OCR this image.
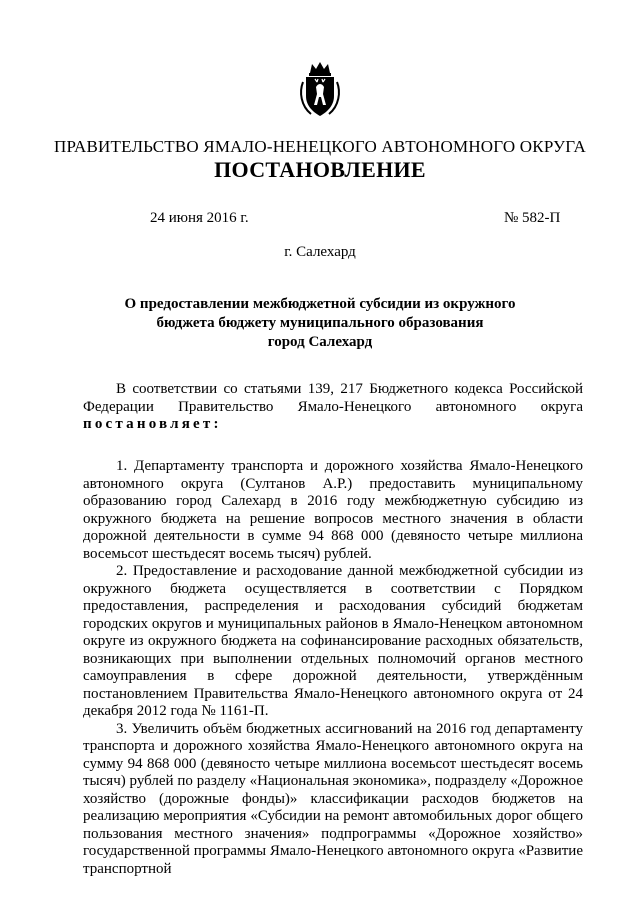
ПРАВИТЕЛЬСТВО ЯМАЛО-НЕНЕЦКОГО АВТОНОМНОГО ОКРУГА
ПОСТАНОВЛЕНИЕ
24 июня 2016 г.	№ 582-П
г. Салехард
О предоставлении межбюджетной субсидии из окружного
бюджета бюджету муниципального образования
город Салехард

В соответствии со статьями 139, 217 Бюджетного кодекса Российской Федерации Правительство Ямало-Ненецкого автономного округа

постановляет:

1. Департаменту транспорта и дорожного хозяйства Ямало-Ненецкого автономного округа (Султанов А.Р.) предоставить муниципальному образованию город Салехард в 2016 году межбюджетную субсидию из окружного бюджета на решение вопросов местного значения в области дорожной деятельности в сумме 94 868 000 (девяносто четыре миллиона восемьсот шестьдесят восемь тысяч) рублей.

2. Предоставление и расходование данной межбюджетной субсидии из окружного бюджета осуществляется в соответствии с Порядком предоставления, распределения и расходования субсидий бюджетам городских округов и муниципальных районов в Ямало-Ненецком автономном округе из окружного бюджета на софинансирование расходных обязательств, возникающих при выполнении отдельных полномочий органов местного самоуправления в сфере дорожной деятельности, утверждённым постановлением Правительства Ямало-Ненецкого автономного округа от 24 декабря 2012 года № 1161-П.

3. Увеличить объём бюджетных ассигнований на 2016 год департаменту транспорта и дорожного хозяйства Ямало-Ненецкого автономного округа на сумму 94 868 000 (девяносто четыре миллиона восемьсот шестьдесят восемь тысяч) рублей по разделу «Национальная экономика», подразделу «Дорожное хозяйство (дорожные фонды)» классификации расходов бюджетов на реализацию мероприятия «Субсидии на ремонт автомобильных дорог общего пользования местного значения» подпрограммы «Дорожное хозяйство» государственной программы Ямало-Ненецкого автономного округа «Развитие транспортной
